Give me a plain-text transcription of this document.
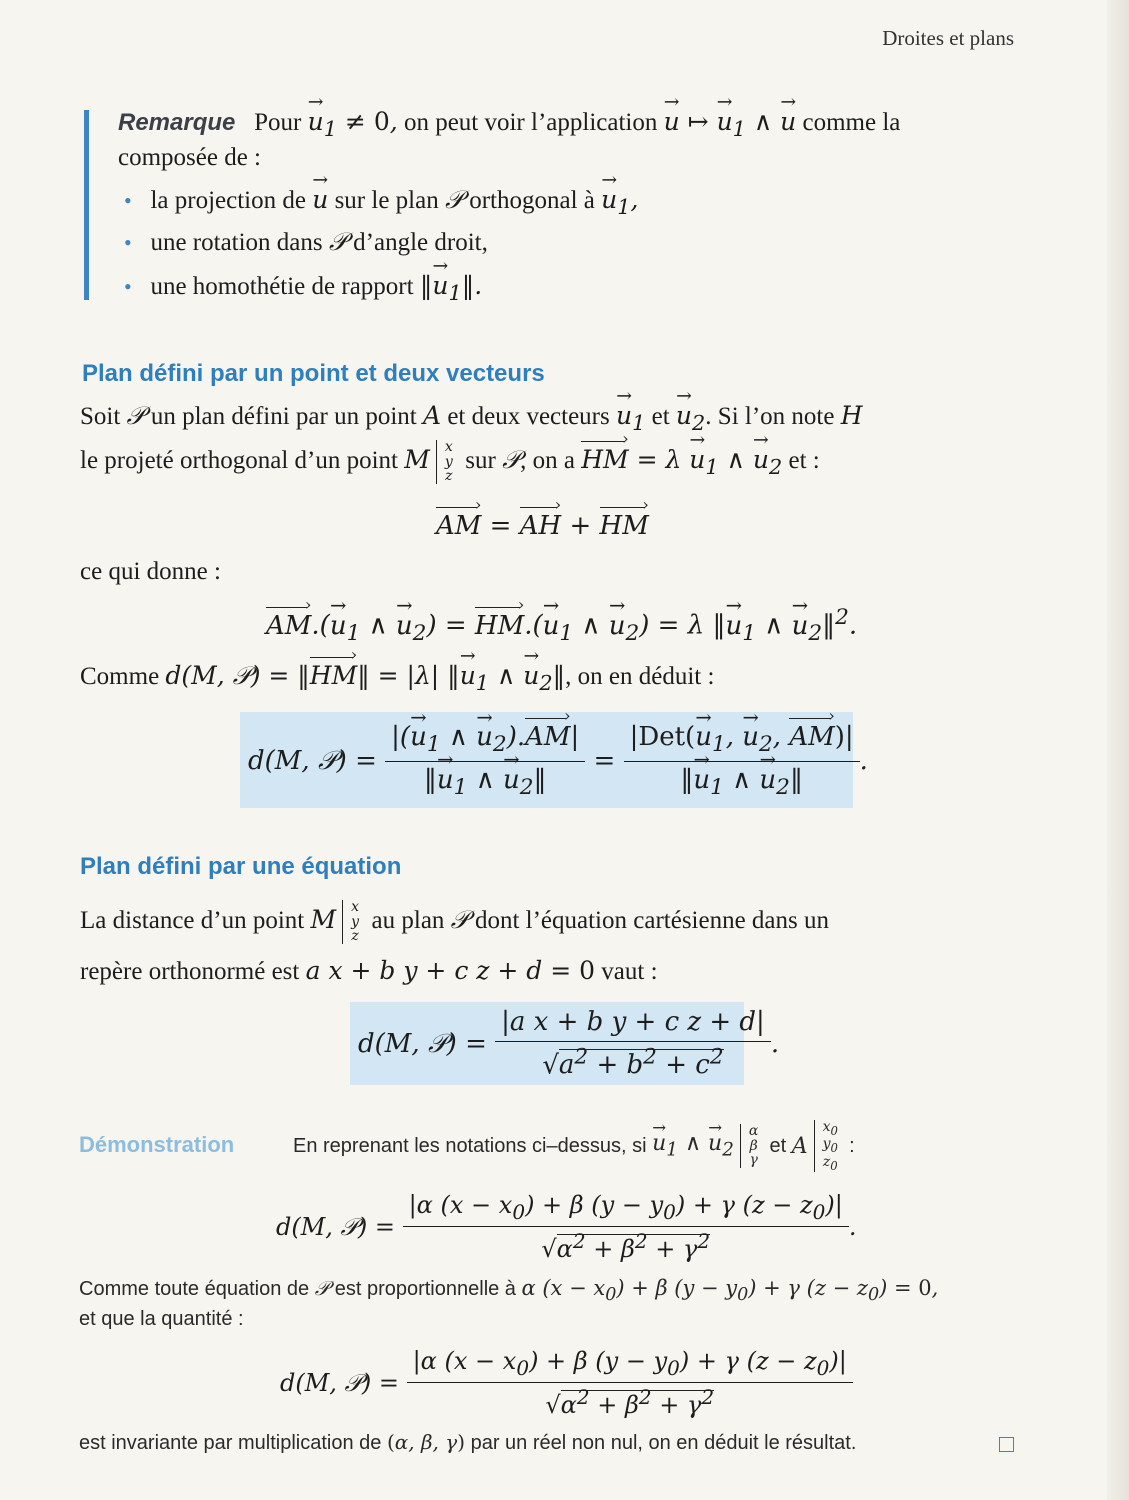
Droites et plans
Remarque Pour → $u_1 \ne 0$, on peut voir l’application → u ↦ → $u_1$ ∧ → u comme la
composée de :
• la projection de → u sur le plan 𝒫 orthogonal à → $u_1$,
• une rotation dans 𝒫 d’angle droit,
• une homothétie de rapport ‖→ $u_1‖$.
Plan défini par un point et deux vecteurs
Soit 𝒫 un plan défini par un point A et deux vecteurs → $u_1$ et → $u_2$. Si l’on note H
le projeté orthogonal d’un point M x
y
z
sur 𝒫, on a HM › = $\lambda \to u_1$ ∧ → $u_2$ et :
AM › = AH › + HM ›
ce qui donne :
AM ›.(→ $u_1$ ∧ → $u_2$) = HM ›.(→ $u_1$ ∧ → $u_2) = \lambda$ ‖→ $u_1$ ∧ → $u_2‖^2$.
Comme d(M, 𝒫) = ‖HM ›‖ = |λ| ‖→ $u_1$ ∧ → $u_2‖$, on en déduit :
d(M, 𝒫) = $\frac{|(\to u_1 \wedge \to u_2).AM ›|}{‖\to u_1 \wedge \to u_2‖} = \frac{|Det(\to u_1, \to u_2, AM ›)|}{‖\to u_1 \wedge \to u_2‖}$ .
Plan défini par une équation
La distance d’un point M x
y
z
au plan 𝒫 dont l’équation cartésienne dans un
repère orthonormé est a x + b y + c z + d = 0 vaut :
d(M, 𝒫) = $\frac{\text{|a x + b y + c z + d|}}{√a^2 + b^2 + c^2}$ .
Démonstration	En reprenant les notations ci–dessus, si
→ $u_1$ ∧ → $u_2$
α
β
γ

et
A
$x_0$
$y_0$
$z_0$

:
d(M, 𝒫) = $\frac{|\alpha (x - x_0) + \beta (y - y_0) + \gamma (z - z_0)|}{√\alpha^2 + \beta^2 + \gamma^2}$ .
Comme toute équation de 𝒫 est proportionnelle à α $(x - x_0) + \beta$ $(y - y_0) + \gamma$ $(z - z_0) = 0$,
et que la quantité :
d(M, 𝒫) = $\frac{|\alpha (x - x_0) + \beta (y - y_0) + \gamma (z - z_0)|}{√\alpha^2 + \beta^2 + \gamma^2}$
est invariante par multiplication de (α, β, γ) par un réel non nul, on en déduit le résultat.
